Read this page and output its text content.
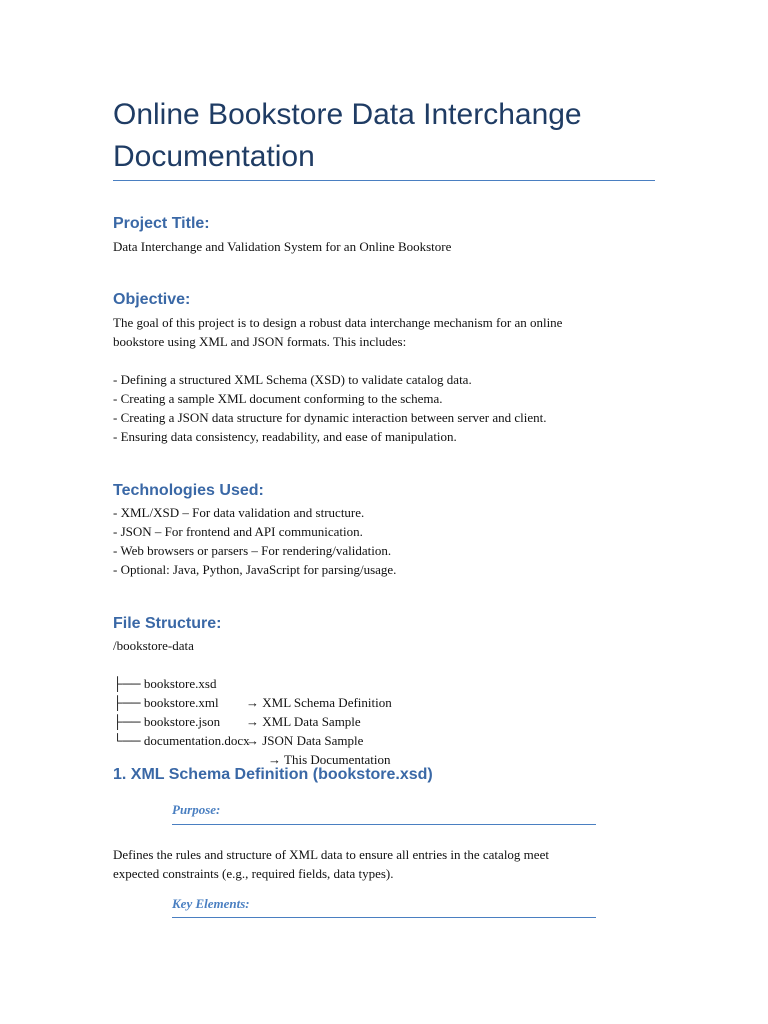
Online Bookstore Data Interchange Documentation
Project Title:

Data Interchange and Validation System for an Online Bookstore

Objective:
The goal of this project is to design a robust data interchange mechanism for an online
bookstore using XML and JSON formats. This includes:
- Defining a structured XML Schema (XSD) to validate catalog data.
- Creating a sample XML document conforming to the schema.
- Creating a JSON data structure for dynamic interaction between server and client.
- Ensuring data consistency, readability, and ease of manipulation.
Technologies Used:
- XML/XSD – For data validation and structure.
- JSON – For frontend and API communication.
- Web browsers or parsers – For rendering/validation.
- Optional: Java, Python, JavaScript for parsing/usage.
File Structure:
/bookstore-data

├── bookstore.xsd

→ XML Schema Definition

├── bookstore.xml

→ XML Data Sample

├── bookstore.json

→ JSON Data Sample

└── documentation.docx

→ This Documentation

1. XML Schema Definition (bookstore.xsd)
Purpose:
Defines the rules and structure of XML data to ensure all entries in the catalog meet
expected constraints (e.g., required fields, data types).
Key Elements:
